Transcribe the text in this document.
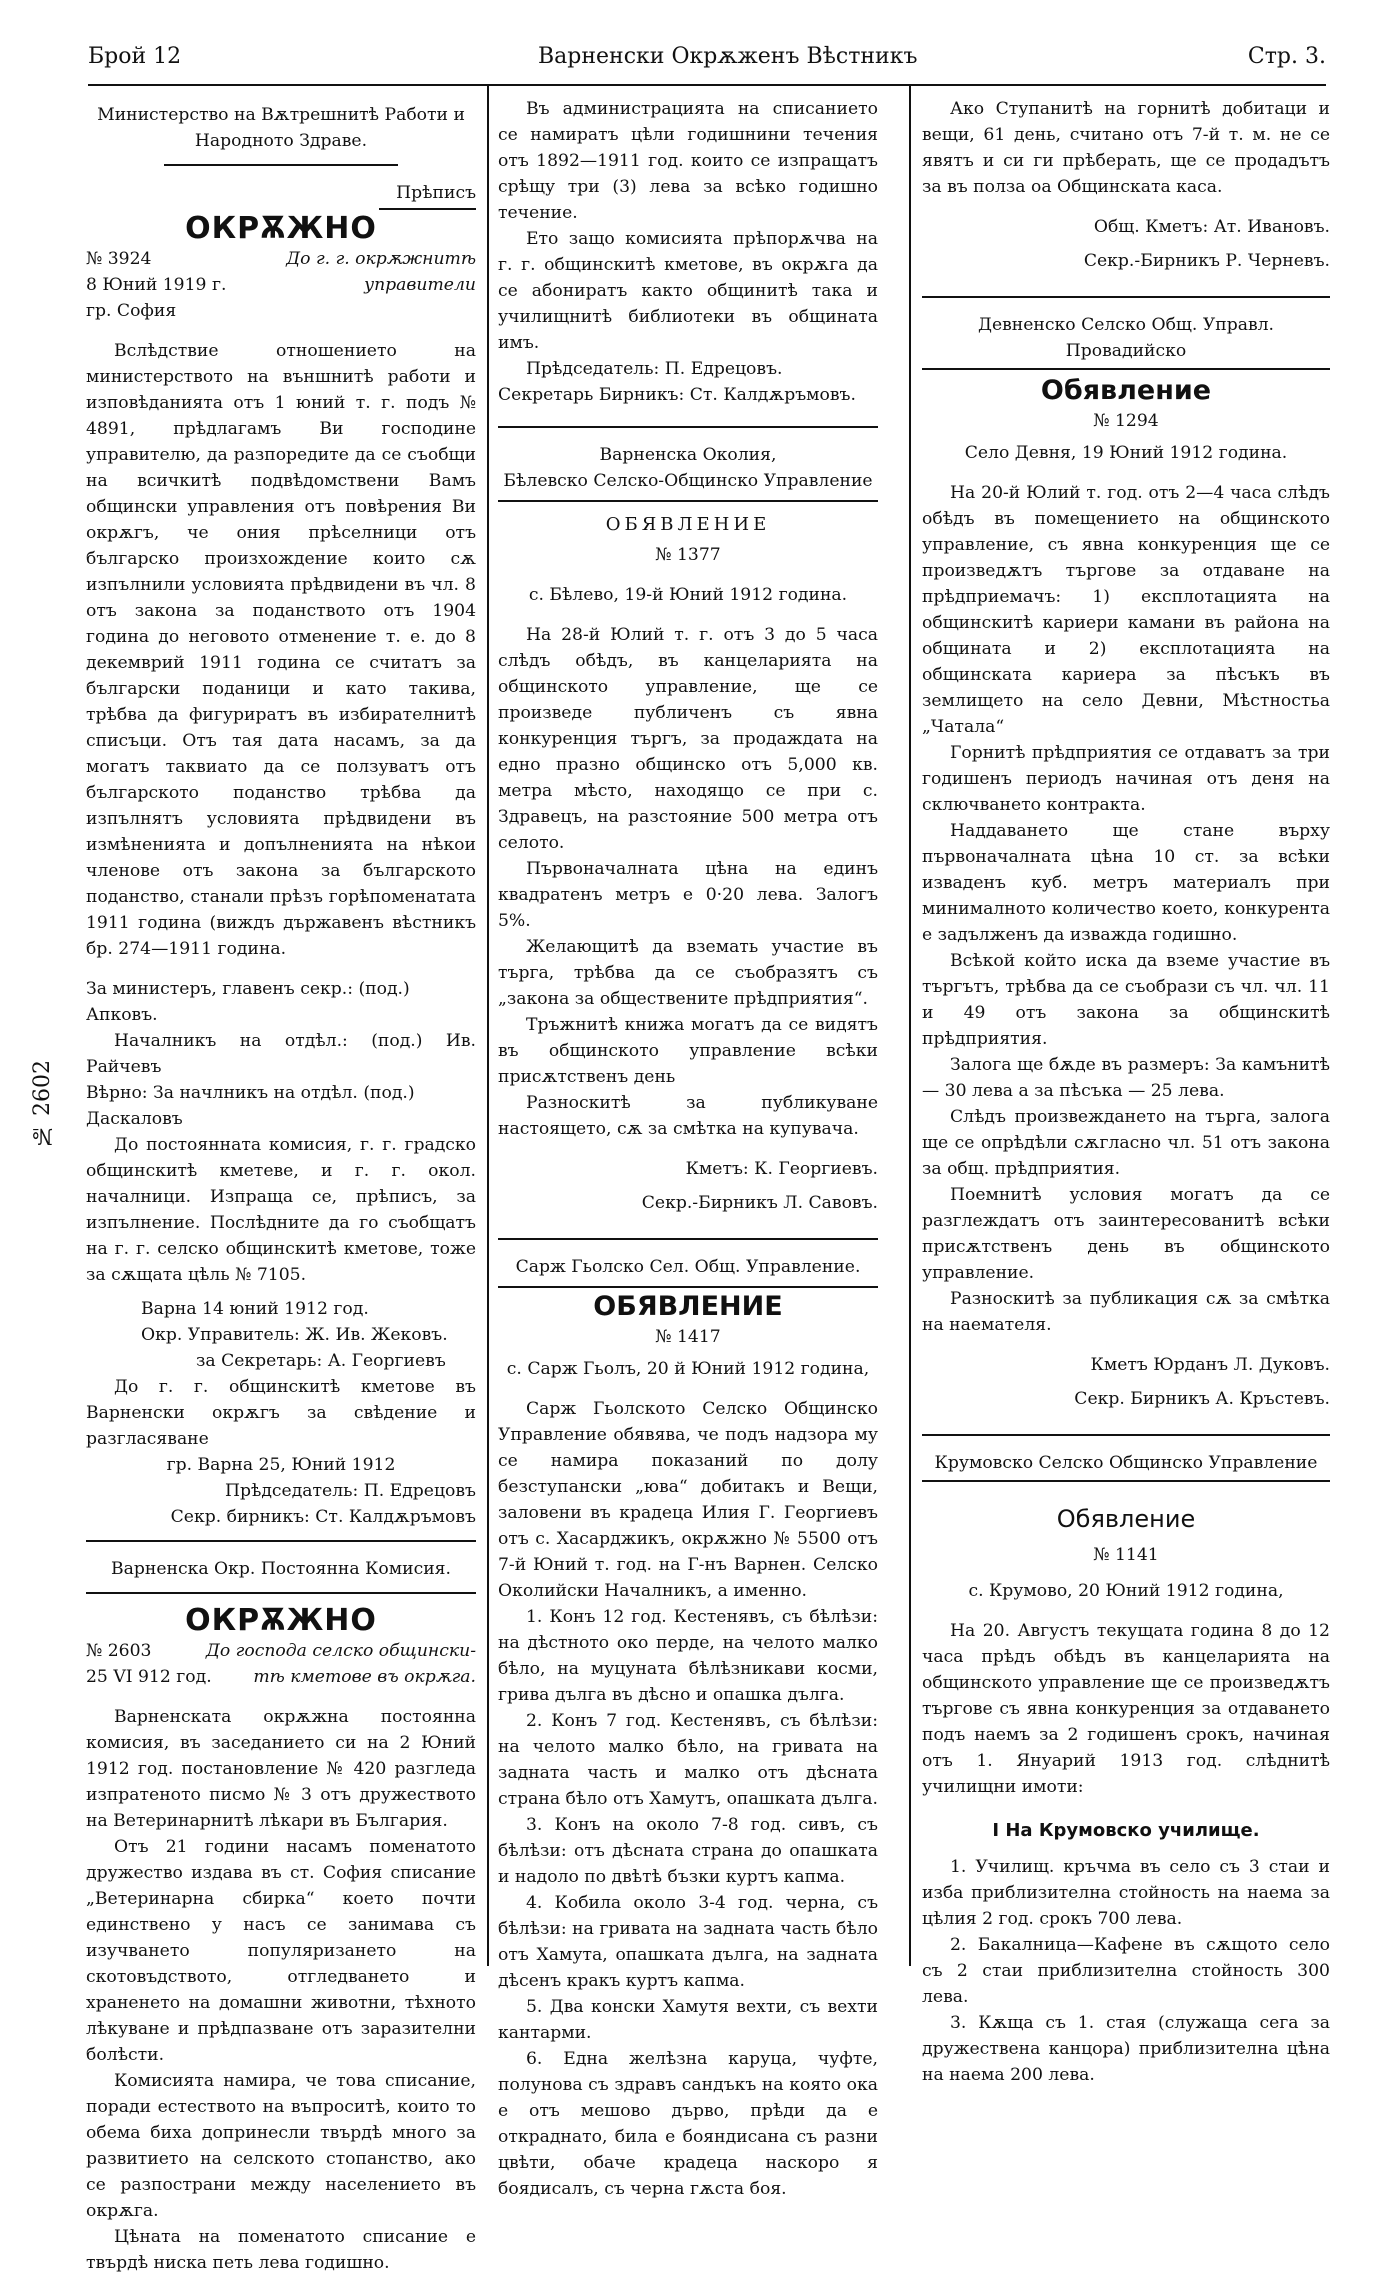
Брой 12	Варненски Окрѫженъ Вѣстникъ	Стр. 3.
№ 2602
Министерство на Вѫтрешнитѣ Работи и Народното Здраве.
Прѣписъ
ОКРѪЖНО
№ 3924	До г. г. окрѫжнитѣ
8 Юний 1919 г.	управители
гр. София

Вслѣдствие отношението на министерството на външнитѣ работи и изповѣданията отъ 1 юний т. г. подъ № 4891, прѣдлагамъ Ви господине управителю, да разпоредите да се съобщи на всичкитѣ подвѣдомствени Вамъ общински управления отъ повѣрения Ви окрѫгъ, че ония прѣселници отъ българско произхождение които сѫ изпълнили условията прѣдвидени въ чл. 8 отъ закона за поданството отъ 1904 година до неговото отменение т. е. до 8 декемврий 1911 година се считатъ за български поданици и като такива, трѣбва да фигуриратъ въ избирателнитѣ списъци. Отъ тая дата насамъ, за да могатъ таквиато да се ползуватъ отъ българското поданство трѣбва да изпълнятъ условията прѣдвидени въ измѣненията и допълненията на нѣкои членове отъ закона за българското поданство, станали прѣзъ горѣпоменатата 1911 година (виждъ държавенъ вѣстникъ бр. 274—1911 година.

За министеръ, главенъ секр.: (под.) Апковъ.

Началникъ на отдѣл.: (под.) Ив. Райчевъ

Вѣрно: За начлникъ на отдѣл. (под.) Даскаловъ

До постоянната комисия, г. г. градско общинскитѣ кметеве, и г. г. окол. началници. Изпраща се, прѣписъ, за изпълнение. Послѣдните да го съобщатъ на г. г. селско общинскитѣ кметове, тоже за сѫщата цѣль № 7105.

Варна 14 юний 1912 год.

Окр. Управитель: Ж. Ив. Жековъ.

за Секретарь: А. Георгиевъ

До г. г. общинскитѣ кметове въ Варненски окрѫгъ за свѣдение и разгласяване

гр. Варна 25, Юний 1912

Прѣдседатель: П. Едрецовъ

Секр. бирникъ: Ст. Калдѫръмовъ

Варненска Окр. Постоянна Комисия.
ОКРѪЖНО
№ 2603	До господа селско общински-
25 VI 912 год. тѣ кметове въ окрѫга.

Варненската окрѫжна постоянна комисия, въ заседанието си на 2 Юний 1912 год. постановление № 420 разгледа изпратеното писмо № 3 отъ дружеството на Ветеринарнитѣ лѣкари въ България.

Отъ 21 години насамъ поменатото дружество издава въ ст. София списание „Ветеринарна сбирка“ което почти единствено у насъ се занимава съ изучването популяризането на скотовъдството, отгледването и храненето на домашни животни, тѣхното лѣкуване и прѣдпазване отъ заразителни болѣсти.

Комисията намира, че това списание, поради естеството на въпроситѣ, които то обема биха допринесли твърдѣ много за развитието на селското стопанство, ако се разпострани между населението въ окрѫга.

Цѣната на поменатото списание е твърдѣ ниска петь лева годишно.

Въ администрацията на списанието се намиратъ цѣли годишнини течения отъ 1892—1911 год. които се изпращатъ срѣщу три (3) лева за всѣко годишно течение.

Ето защо комисията прѣпорѫчва на г. г. общинскитѣ кметове, въ окрѫга да се абониратъ както общинитѣ така и училищнитѣ библиотеки въ общината имъ.

Прѣдседатель: П. Едрецовъ.

Секретарь Бирникъ: Ст. Калдѫръмовъ.

Варненска Околия,
Бѣлевско Селско-Общинско Управление
ОБЯВЛЕНИЕ
№ 1377
с. Бѣлево, 19-й Юний 1912 година.

На 28-й Юлий т. г. отъ 3 до 5 часа слѣдъ обѣдъ, въ канцеларията на общинското управление, ще се произведе публиченъ съ явна конкуренция търгъ, за продаждата на едно празно общинско отъ 5,000 кв. метра мѣсто, находящо се при с. Здравецъ, на разстояние 500 метра отъ селото.

Първоначалната цѣна на единъ квадратенъ метръ е 0·20 лева. Залогъ 5%.

Желающитѣ да вземать участие въ търга, трѣбва да се съобразятъ съ „закона за обществените прѣдприятия“.

Тръжнитѣ книжа могатъ да се видятъ въ общинското управление всѣки присѫтственъ день

Разноскитѣ за публикуване настоящето, сѫ за смѣтка на купувача.

Кметъ: К. Георгиевъ.

Секр.-Бирникъ Л. Савовъ.

Сарж Гьолско Сел. Общ. Управление.
ОБЯВЛЕНИЕ
№ 1417
с. Сарж Гьолъ, 20 й Юний 1912 година,

Сарж Гьолското Селско Общинско Управление обявява, че подъ надзора му се намира показаний по долу безступански „юва“ добитакъ и Вещи, заловени въ крадеца Илия Г. Георгиевъ отъ с. Хасарджикъ, окрѫжно № 5500 отъ 7-й Юний т. год. на Г-нъ Варнен. Селско Околийски Началникъ, а именно.

1. Конъ 12 год. Кестенявъ, съ бѣлѣзи: на дѣстното око перде, на челото малко бѣло, на муцуната бѣлѣзникави косми, грива дълга въ дѣсно и опашка дълга.

2. Конъ 7 год. Кестенявъ, съ бѣлѣзи: на челото малко бѣло, на гривата на задната часть и малко отъ дѣсната страна бѣло отъ Хамутъ, опашката дълга.

3. Конъ на около 7-8 год. сивъ, съ бѣлѣзи: отъ дѣсната страна до опашката и надоло по двѣтѣ бъзки куртъ капма.

4. Кобила около 3-4 год. черна, съ бѣлѣзи: на гривата на задната часть бѣло отъ Хамута, опашката дълга, на задната дѣсенъ кракъ куртъ капма.

5. Два конски Хамутя вехти, съ вехти кантарми.

6. Една желѣзна каруца, чуфте, полунова съ здравъ сандъкъ на която ока е отъ мешово дърво, прѣди да е откраднато, била е бояндисана съ разни цвѣти, обаче крадеца наскоро я боядисалъ, съ черна гѫста боя.

Ако Ступанитѣ на горнитѣ добитаци и вещи, 61 день, считано отъ 7-й т. м. не се явятъ и си ги прѣберать, ще се продадътъ за въ полза оа Общинската каса.

Общ. Кметъ: Ат. Ивановъ.

Секр.-Бирникъ Р. Черневъ.

Девненско Селско Общ. Управл. Провадийско
Обявление
№ 1294
Село Девня, 19 Юний 1912 година.

На 20-й Юлий т. год. отъ 2—4 часа слѣдъ обѣдъ въ помещението на общинското управление, съ явна конкуренция ще се произведѫтъ търгове за отдаване на прѣдприемачъ: 1) експлотацията на общинскитѣ кариери камани въ района на общината и 2) експлотацията на общинската кариера за пѣсъкъ въ землището на село Девни, Мѣстностьа „Чатала“

Горнитѣ прѣдприятия се отдаватъ за три годишенъ периодъ начиная отъ деня на сключването контракта.

Наддаването ще стане върху първоначалната цѣна 10 ст. за всѣки изваденъ куб. метръ материалъ при минималното количество което, конкурента е задълженъ да изважда годишно.

Всѣкой който иска да вземе участие въ търгътъ, трѣбва да се съобрази съ чл. чл. 11 и 49 отъ закона за общинскитѣ прѣдприятия.

Залога ще бѫде въ размеръ: За камънитѣ — 30 лева а за пѣсъка — 25 лева.

Слѣдъ произвеждането на търга, залога ще се опрѣдѣли сѫгласно чл. 51 отъ закона за общ. прѣдприятия.

Поемнитѣ условия могатъ да се разглеждатъ отъ заинтересованитѣ всѣки присѫтственъ день въ общинското управление.

Разноскитѣ за публикация сѫ за смѣтка на наемателя.

Кметъ Юрданъ Л. Дуковъ.

Секр. Бирникъ А. Кръстевъ.

Крумовско Селско Общинско Управление
Обявление
№ 1141
с. Крумово, 20 Юний 1912 година,

На 20. Августъ текущата година 8 до 12 часа прѣдъ обѣдъ въ канцеларията на общинското управление ще се произведѫтъ търгове съ явна конкуренция за отдаването подъ наемъ за 2 годишенъ срокъ, начиная отъ 1. Януарий 1913 год. слѣднитѣ училищни имоти:

I На Крумовско училище.

1. Училищ. кръчма въ село съ 3 стаи и изба приблизителна стойность на наема за цѣлия 2 год. срокъ 700 лева.

2. Бакалница—Кафене въ сѫщото село съ 2 стаи приблизителна стойность 300 лева.

3. Кѫща съ 1. стая (служаща сега за дружествена канцора) приблизителна цѣна на наема 200 лева.
